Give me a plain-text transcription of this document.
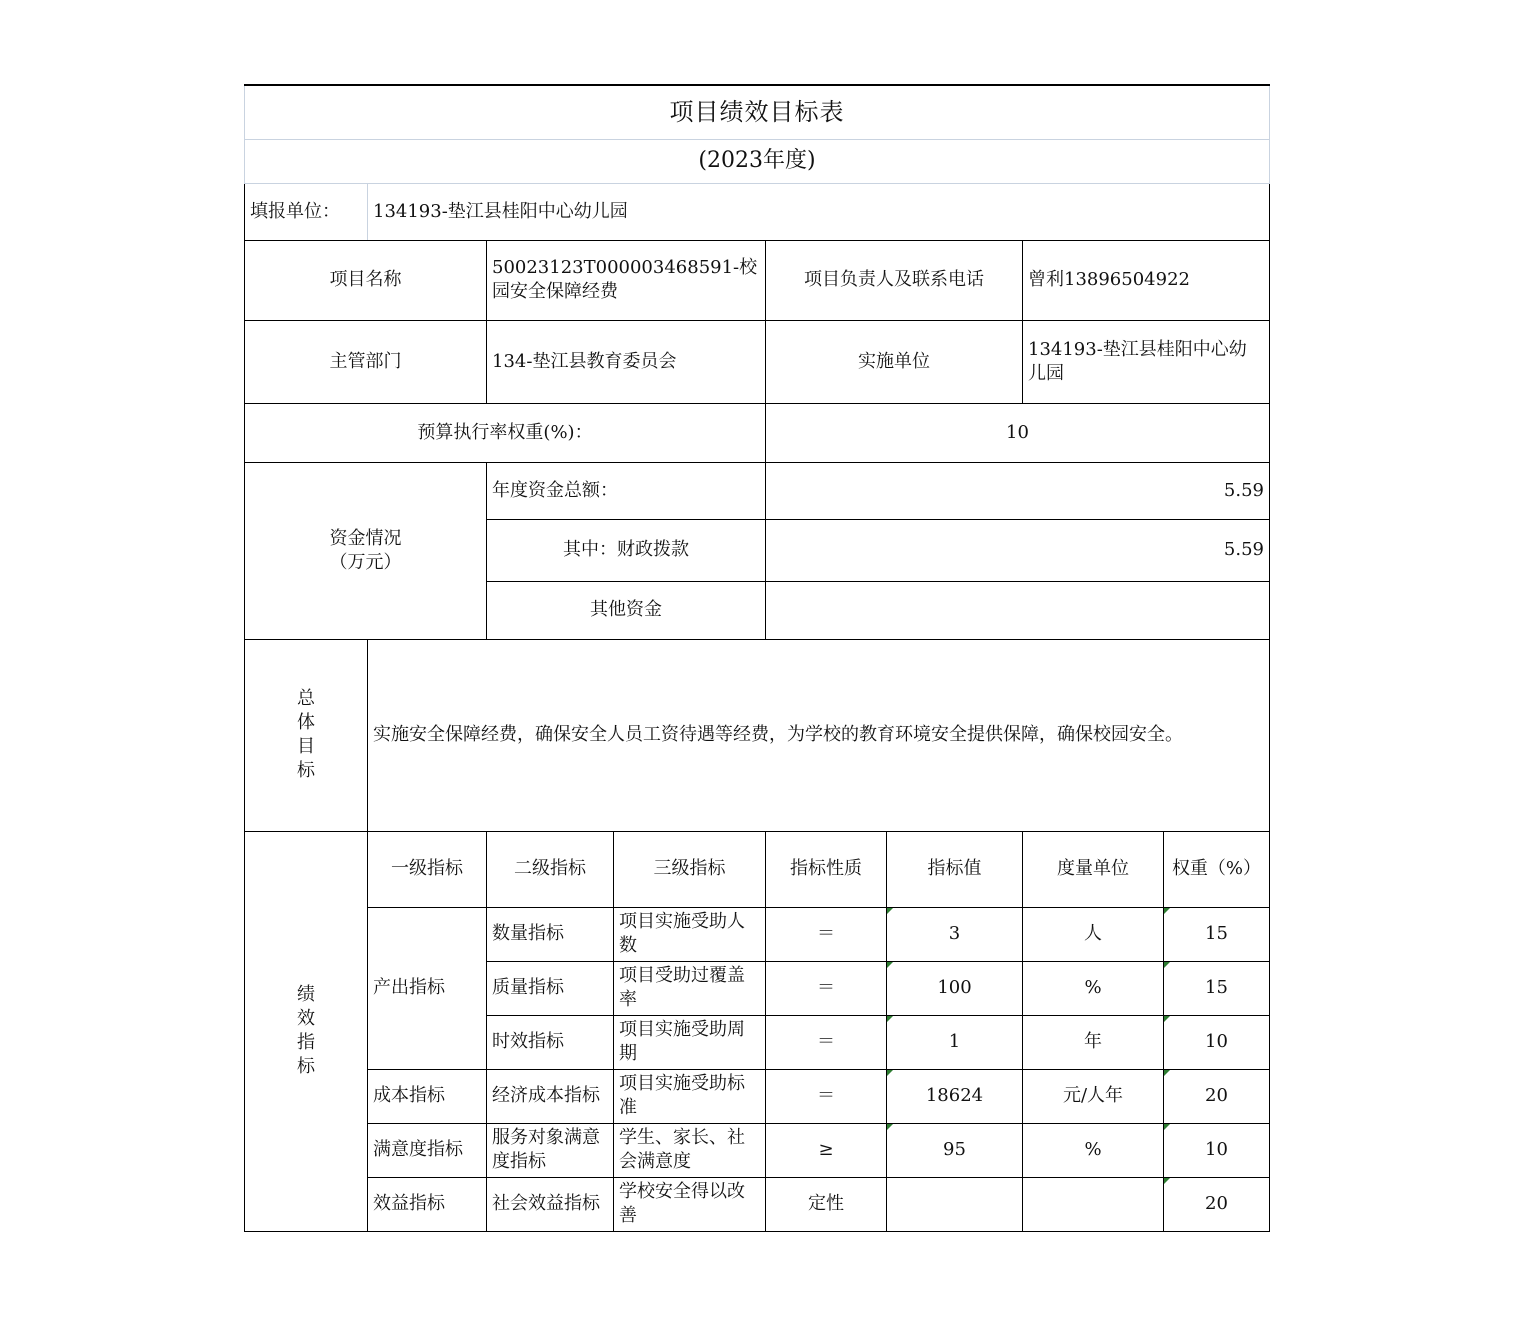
项目绩效目标表							
(2023年度)							
填报单位：	134193-垫江县桂阳中心幼儿园						
项目名称		50023123T000003468591-校园安全保障经费		项目负责人及联系电话		曾利13896504922	
主管部门		134-垫江县教育委员会		实施单位		134193-垫江县桂阳中心幼儿园	
预算执行率权重(%)：				10			
资金情况
（万元）		年度资金总额：		5.59			
		其中：财政拨款		5.59			
		其他资金					
总
体
目
标	实施安全保障经费，确保安全人员工资待遇等经费，为学校的教育环境安全提供保障，确保校园安全。						

绩
效
指
标	一级指标	二级指标	三级指标	指标性质	指标值	度量单位	权重（%）
	产出指标	数量指标	项目实施受助人数	＝	3	人	15
		质量指标	项目受助过覆盖率	＝	100	%	15
		时效指标	项目实施受助周期	＝	1	年	10
	成本指标	经济成本指标	项目实施受助标准	＝	18624	元/人年	20
	满意度指标	服务对象满意度指标	学生、家长、社会满意度	≥	95	%	10
	效益指标	社会效益指标	学校安全得以改善	定性			20
